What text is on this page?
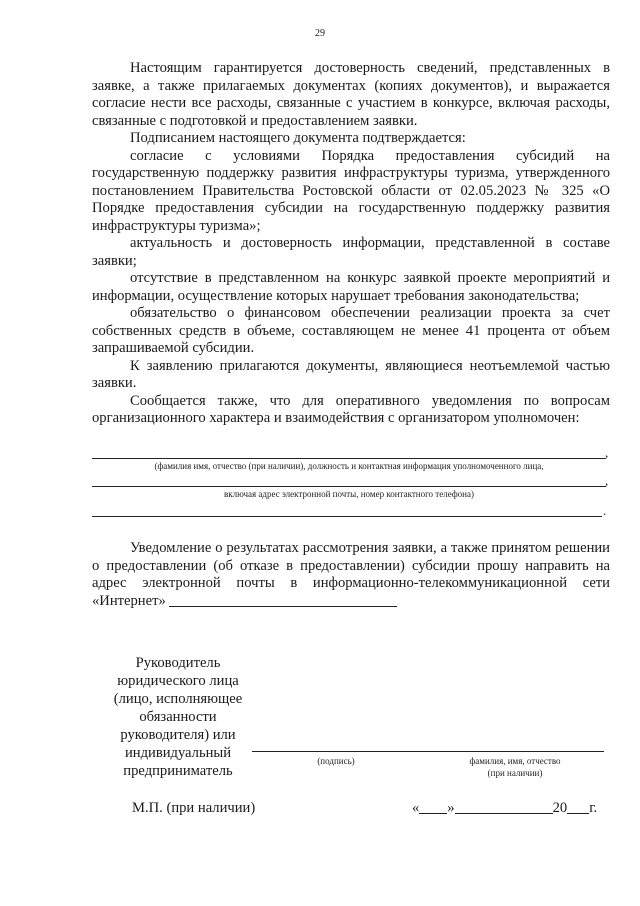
29

Настоящим гарантируется достоверность сведений, представленных в заявке, а также прилагаемых документах (копиях документов), и выражается согласие нести все расходы, связанные с участием в конкурсе, включая расходы, связанные с подготовкой и предоставлением заявки.

Подписанием настоящего документа подтверждается:

согласие с условиями Порядка предоставления субсидий на государственную поддержку развития инфраструктуры туризма, утвержденного постановлением Правительства Ростовской области от 02.05.2023 № 325 «О Порядке предоставления субсидии на государственную поддержку развития инфраструктуры туризма»;

актуальность и достоверность информации, представленной в составе заявки;

отсутствие в представленном на конкурс заявкой проекте мероприятий и информации, осуществление которых нарушает требования законодательства;

обязательство о финансовом обеспечении реализации проекта за счет собственных средств в объеме, составляющем не менее 41 процента от объем запрашиваемой субсидии.

К заявлению прилагаются документы, являющиеся неотъемлемой частью заявки.

Сообщается также, что для оперативного уведомления по вопросам организационного характера и взаимодействия с организатором уполномочен:

,
(фамилия имя, отчество (при наличии), должность и контактная информация уполномоченного лица,
,
включая адрес электронной почты, номер контактного телефона)
.

Уведомление о результатах рассмотрения заявки, а также принятом решении о предоставлении (об отказе в предоставлении) субсидии прошу направить на адрес электронной почты в информационно-телекоммуникационной сети «Интернет»

Руководитель
юридического лица
(лицо, исполняющее
обязанности
руководителя) или
индивидуальный
предприниматель
(подпись)	фамилия, имя, отчество
(при наличии)
М.П. (при наличии)	« »	20 г.
